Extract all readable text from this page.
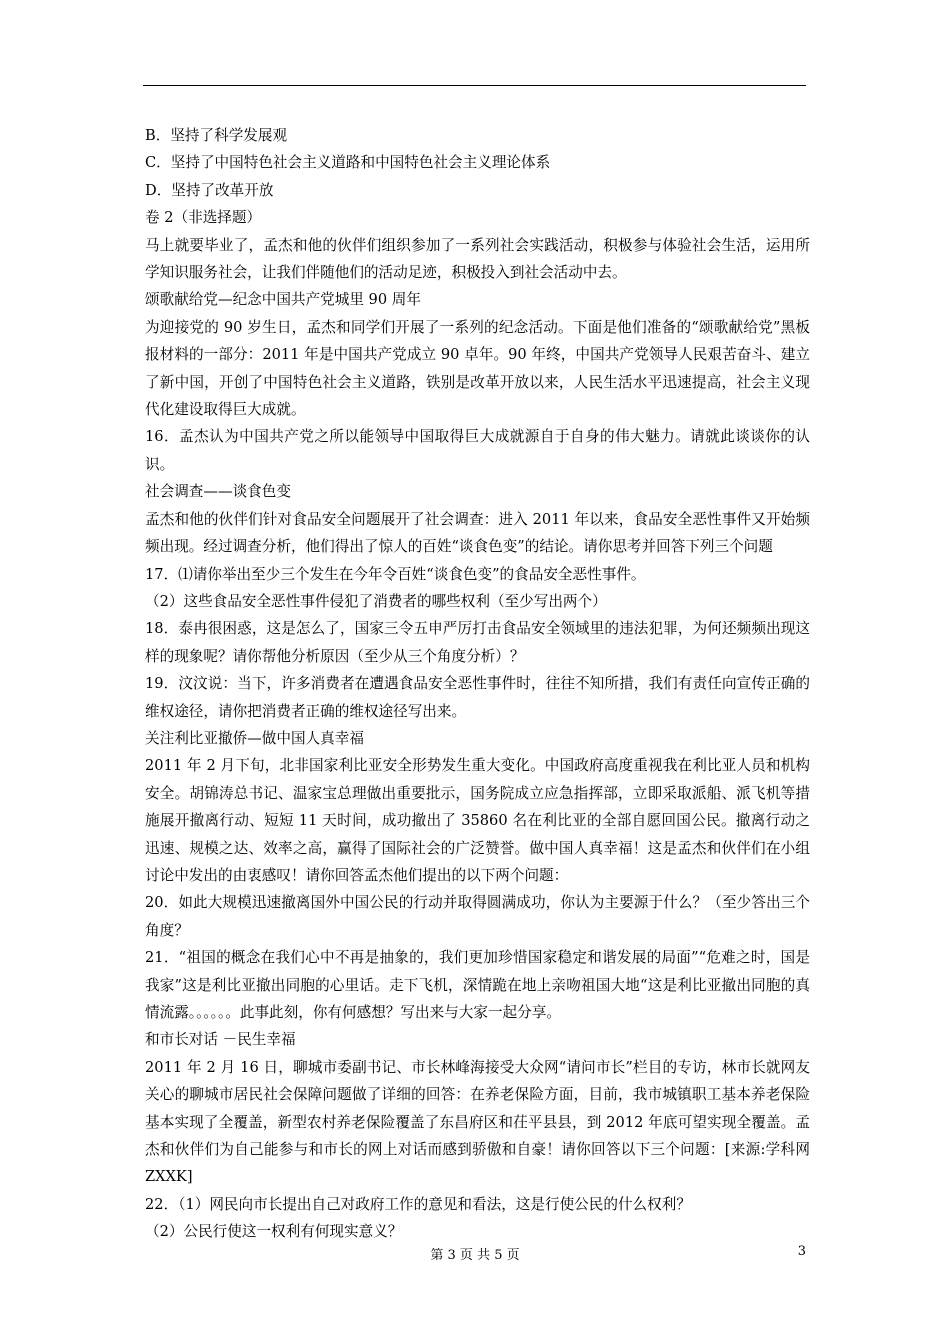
B．坚持了科学发展观

C．坚持了中国特色社会主义道路和中国特色社会主义理论体系

D．坚持了改革开放

卷 2（非选择题）

马上就要毕业了，孟杰和他的伙伴们组织参加了一系列社会实践活动，积极参与体验社会生活，运用所学知识服务社会，让我们伴随他们的活动足迹，积极投入到社会活动中去。

颂歌献给党—纪念中国共产党城里 90 周年

为迎接党的 90 岁生日，孟杰和同学们开展了一系列的纪念活动。下面是他们准备的“颂歌献给党”黑板报材料的一部分：2011 年是中国共产党成立 90 卓年。90 年终，中国共产党领导人民艰苦奋斗、建立了新中国，开创了中国特色社会主义道路，铁别是改革开放以来，人民生活水平迅速提高，社会主义现代化建设取得巨大成就。

16．孟杰认为中国共产党之所以能领导中国取得巨大成就源自于自身的伟大魅力。请就此谈谈你的认识。

社会调查——谈食色变

孟杰和他的伙伴们针对食品安全问题展开了社会调查：进入 2011 年以来，食品安全恶性事件又开始频频出现。经过调查分析，他们得出了惊人的百姓“谈食色变”的结论。请你思考并回答下列三个问题

17．⑴请你举出至少三个发生在今年令百姓“谈食色变”的食品安全恶性事件。

（2）这些食品安全恶性事件侵犯了消费者的哪些权利（至少写出两个）

18．泰冉很困惑，这是怎么了，国家三令五申严厉打击食品安全领域里的违法犯罪，为何还频频出现这样的现象呢？请你帮他分析原因（至少从三个角度分析）？

19．汶汶说：当下，许多消费者在遭遇食品安全恶性事件时，往往不知所措，我们有责任向宣传正确的维权途径，请你把消费者正确的维权途径写出来。

关注利比亚撤侨—做中国人真幸福

2011 年 2 月下旬，北非国家利比亚安全形势发生重大变化。中国政府高度重视我在利比亚人员和机构安全。胡锦涛总书记、温家宝总理做出重要批示，国务院成立应急指挥部，立即采取派船、派飞机等措施展开撤离行动、短短 11 天时间，成功撤出了 35860 名在利比亚的全部自愿回国公民。撤离行动之迅速、规模之达、效率之高，赢得了国际社会的广泛赞誉。做中国人真幸福！这是孟杰和伙伴们在小组讨论中发出的由衷感叹！请你回答孟杰他们提出的以下两个问题：

20．如此大规模迅速撤离国外中国公民的行动并取得圆满成功，你认为主要源于什么？（至少答出三个角度？

21．“祖国的概念在我们心中不再是抽象的，我们更加珍惜国家稳定和谐发展的局面”“危难之时，国是我家”这是利比亚撤出同胞的心里话。走下飞机，深情跪在地上亲吻祖国大地“这是利比亚撤出同胞的真情流露。。。。。。此事此刻，你有何感想？写出来与大家一起分享。

和市长对话 －民生幸福

2011 年 2 月 16 日，聊城市委副书记、市长林峰海接受大众网“请问市长”栏目的专访，林市长就网友关心的聊城市居民社会保障问题做了详细的回答：在养老保险方面，目前，我市城镇职工基本养老保险基本实现了全覆盖，新型农村养老保险覆盖了东昌府区和茌平县县，到 2012 年底可望实现全覆盖。孟杰和伙伴们为自己能参与和市长的网上对话而感到骄傲和自豪！请你回答以下三个问题：[来源:学科网 ZXXK]

22．（1）网民向市长提出自己对政府工作的意见和看法，这是行使公民的什么权利？

（2）公民行使这一权利有何现实意义？

第 3 页 共 5 页	3
